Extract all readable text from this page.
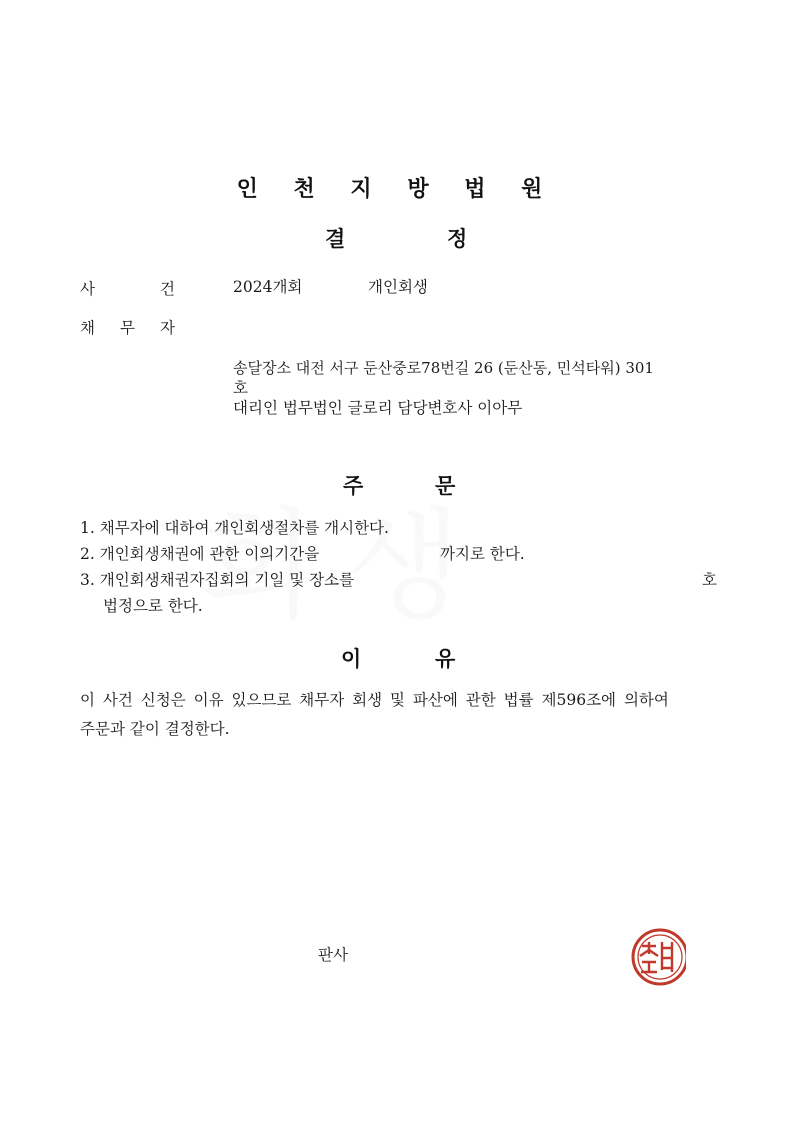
인 천 지 방 법 원
결	정
사	건	2024개회	개인회생
채 무 자
송달장소 대전 서구 둔산중로78번길 26 (둔산동, 민석타워) 301
호
대리인 법무법인 글로리 담당변호사 이아무
주	문
1. 채무자에 대하여 개인회생절차를 개시한다.
2. 개인회생채권에 관한 이의기간을	까지로 한다.
3. 개인회생채권자집회의 기일 및 장소를	호
법정으로 한다.
이	유
이 사건 신청은 이유 있으므로 채무자 회생 및 파산에 관한 법률 제596조에 의하여
주문과 같이 결정한다.
판사
